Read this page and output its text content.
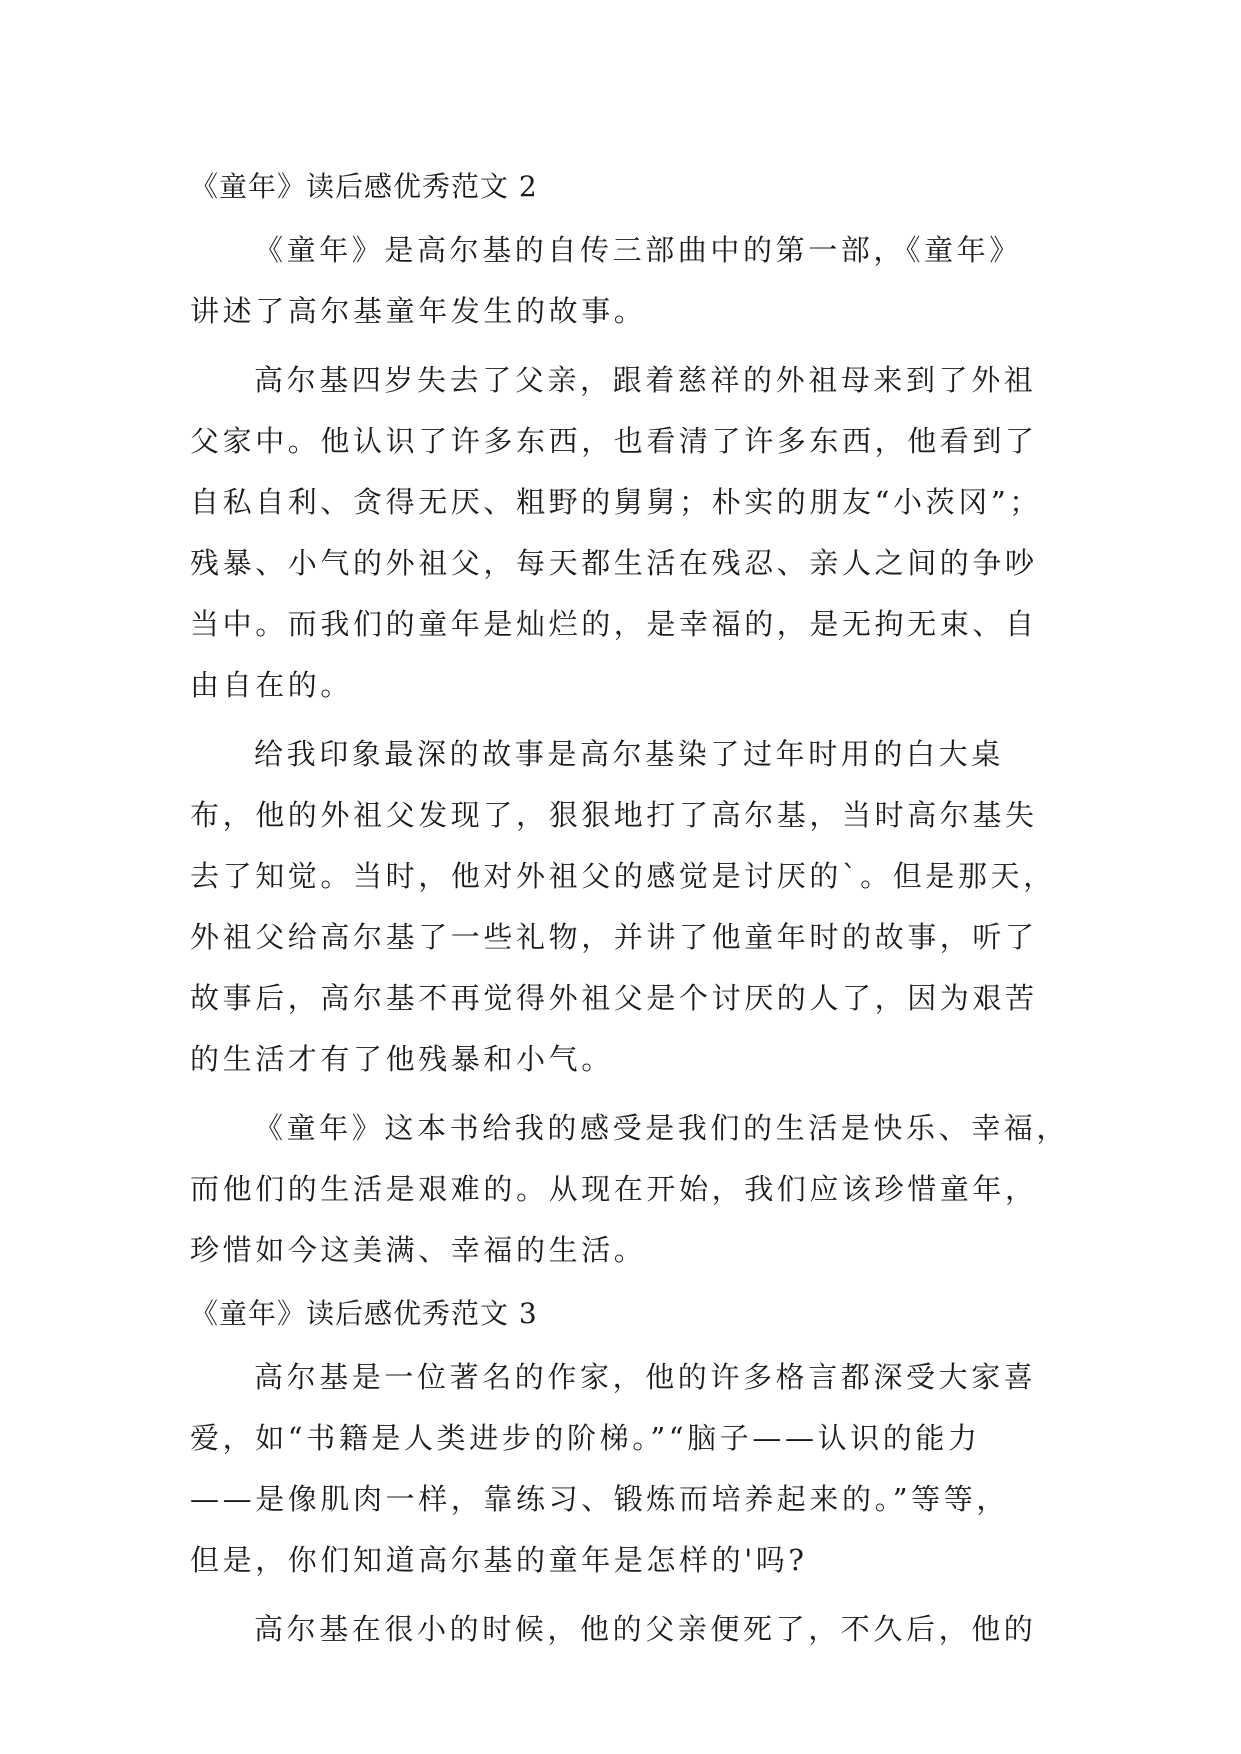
《童年》读后感优秀范文 2
《童年》是高尔基的自传三部曲中的第一部，《童年》
讲述了高尔基童年发生的故事。
高尔基四岁失去了父亲，跟着慈祥的外祖母来到了外祖
父家中。他认识了许多东西，也看清了许多东西，他看到了
自私自利、贪得无厌、粗野的舅舅；朴实的朋友“小茨冈”；
残暴、小气的外祖父，每天都生活在残忍、亲人之间的争吵
当中。而我们的童年是灿烂的，是幸福的，是无拘无束、自
由自在的。
给我印象最深的故事是高尔基染了过年时用的白大桌
布，他的外祖父发现了，狠狠地打了高尔基，当时高尔基失
去了知觉。当时，他对外祖父的感觉是讨厌的`。但是那天，
外祖父给高尔基了一些礼物，并讲了他童年时的故事，听了
故事后，高尔基不再觉得外祖父是个讨厌的人了，因为艰苦
的生活才有了他残暴和小气。
《童年》这本书给我的感受是我们的生活是快乐、幸福，
而他们的生活是艰难的。从现在开始，我们应该珍惜童年，
珍惜如今这美满、幸福的生活。
《童年》读后感优秀范文 3
高尔基是一位著名的作家，他的许多格言都深受大家喜
爱，如“书籍是人类进步的阶梯。”“脑子——认识的能力
——是像肌肉一样，靠练习、锻炼而培养起来的。”等等，
但是，你们知道高尔基的童年是怎样的'吗?
高尔基在很小的时候，他的父亲便死了，不久后，他的
